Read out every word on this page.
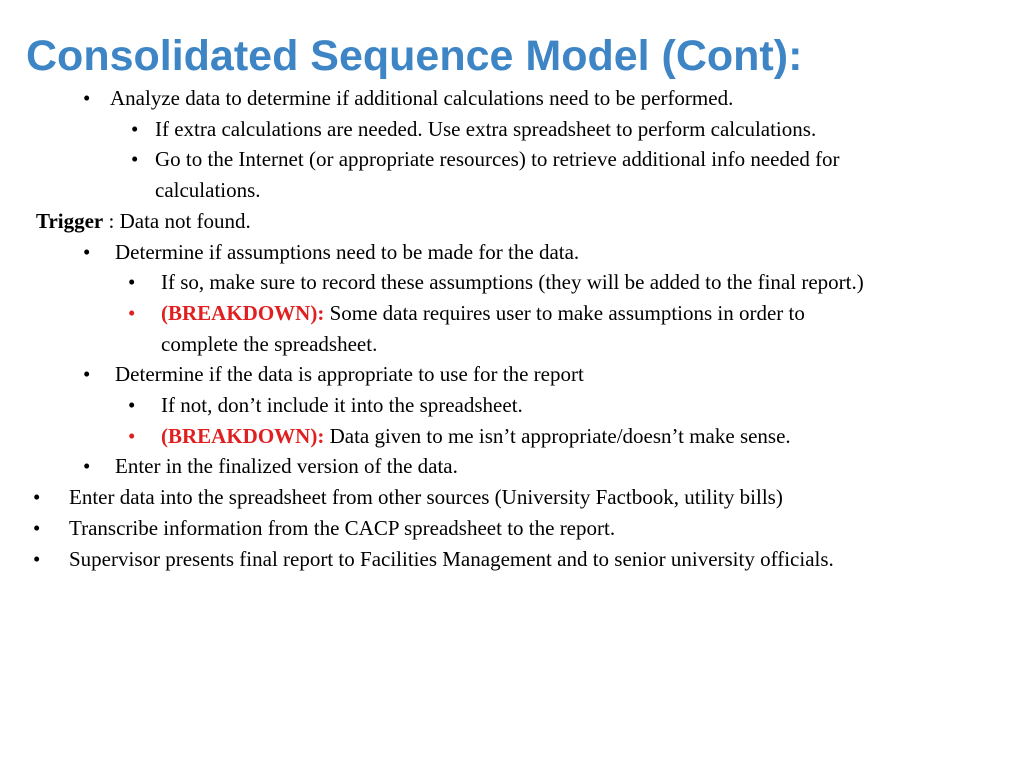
Consolidated Sequence Model (Cont):
• Analyze data to determine if additional calculations need to be performed.
• If extra calculations are needed. Use extra spreadsheet to perform calculations.
• Go to the Internet (or appropriate resources) to retrieve additional info needed for calculations.
Trigger : Data not found.
• Determine if assumptions need to be made for the data.
• If so, make sure to record these assumptions (they will be added to the final report.)
• (BREAKDOWN): Some data requires user to make assumptions in order to complete the spreadsheet.
• Determine if the data is appropriate to use for the report
• If not, don’t include it into the spreadsheet.
• (BREAKDOWN): Data given to me isn’t appropriate/doesn’t make sense.
• Enter in the finalized version of the data.
• Enter data into the spreadsheet from other sources (University Factbook, utility bills)
• Transcribe information from the CACP spreadsheet to the report.
• Supervisor presents final report to Facilities Management and to senior university officials.
